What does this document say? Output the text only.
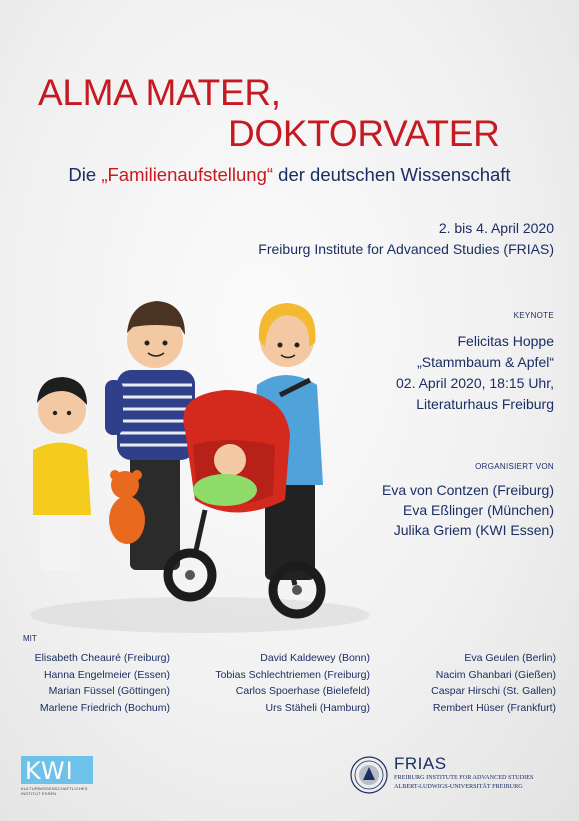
ALMA MATER,
DOKTORVATER
Die „Familienaufstellung“ der deutschen Wissenschaft
2. bis 4. April 2020
Freiburg Institute for Advanced Studies (FRIAS)
KEYNOTE
Felicitas Hoppe
„Stammbaum & Apfel“
02. April 2020, 18:15 Uhr,
Literaturhaus Freiburg
ORGANISIERT VON
Eva von Contzen (Freiburg)
Eva Eßlinger (München)
Julika Griem (KWI Essen)
MIT
Elisabeth Cheauré (Freiburg)
Hanna Engelmeier (Essen)
Marian Füssel (Göttingen)
Marlene Friedrich (Bochum)
David Kaldewey (Bonn)
Tobias Schlechtriemen (Freiburg)
Carlos Spoerhase (Bielefeld)
Urs Stäheli (Hamburg)
Eva Geulen (Berlin)
Nacim Ghanbari (Gießen)
Caspar Hirschi (St. Gallen)
Rembert Hüser (Frankfurt)
KWI
KULTURWISSENSCHAFTLICHES
INSTITUT ESSEN
FRIAS
FREIBURG INSTITUTE FOR ADVANCED STUDIES
ALBERT-LUDWIGS-UNIVERSITÄT FREIBURG
